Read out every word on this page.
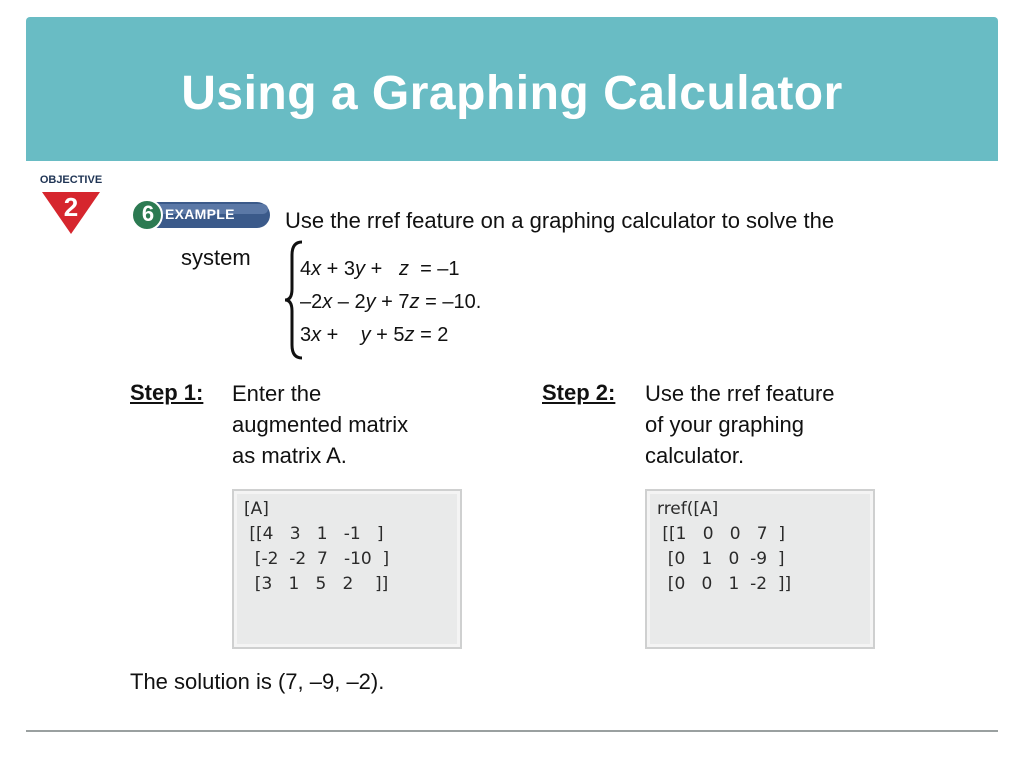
Using a Graphing Calculator
OBJECTIVE
2	6 EXAMPLE Use the rref feature on a graphing calculator to solve the
system 4x + 3y +   z  = –1
–2x – 2y + 7z = –10.
3x +    y + 5z = 2
Step 1: Enter the
augmented matrix
as matrix A.
Step 2: Use the rref feature
of your graphing
calculator.
[A]
[[4   3   1   -1   ]
[-2  -2  7   -10  ]
[3   1   5   2    ]]
rref([A]
[[1   0   0   7  ]
[0   1   0  -9  ]
[0   0   1  -2  ]]
The solution is (7, –9, –2).
